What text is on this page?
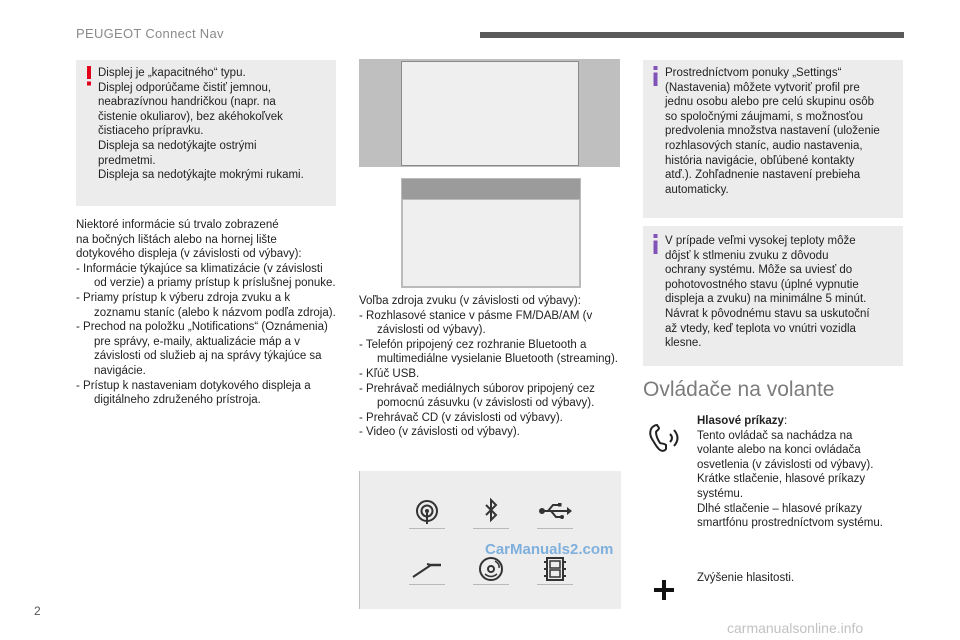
PEUGEOT Connect Nav

Displej je „kapacitného“ typu.

Displej odporúčame čistiť jemnou,

neabrazívnou handričkou (napr. na

čistenie okuliarov), bez akéhokoľvek

čistiaceho prípravku.

Displeja sa nedotýkajte ostrými

predmetmi.

Displeja sa nedotýkajte mokrými rukami.

Niektoré informácie sú trvalo zobrazené

na bočných lištách alebo na hornej lište

dotykového displeja (v závislosti od výbavy):

- Informácie týkajúce sa klimatizácie (v závislosti od verzie) a priamy prístup k príslušnej ponuke.

- Priamy prístup k výberu zdroja zvuku a k zoznamu staníc (alebo k názvom podľa zdroja).

- Prechod na položku „Notifications“ (Oznámenia) pre správy, e-maily, aktualizácie máp a v závislosti od služieb aj na správy týkajúce sa navigácie.

- Prístup k nastaveniam dotykového displeja a digitálneho združeného prístroja.

Voľba zdroja zvuku (v závislosti od výbavy):

- Rozhlasové stanice v pásme FM/DAB/AM (v závislosti od výbavy).

- Telefón pripojený cez rozhranie Bluetooth a multimediálne vysielanie Bluetooth (streaming).

- Kľúč USB.

- Prehrávač mediálnych súborov pripojený cez pomocnú zásuvku (v závislosti od výbavy).

- Prehrávač CD (v závislosti od výbavy).

- Video (v závislosti od výbavy).

CarManuals2.com

Prostredníctvom ponuky „Settings“

(Nastavenia) môžete vytvoriť profil pre

jednu osobu alebo pre celú skupinu osôb

so spoločnými záujmami, s možnosťou

predvolenia množstva nastavení (uloženie

rozhlasových staníc, audio nastavenia,

história navigácie, obľúbené kontakty

atď.). Zohľadnenie nastavení prebieha

automaticky.

V prípade veľmi vysokej teploty môže

dôjsť k stlmeniu zvuku z dôvodu

ochrany systému. Môže sa uviesť do

pohotovostného stavu (úplné vypnutie

displeja a zvuku) na minimálne 5 minút.

Návrat k pôvodnému stavu sa uskutoční

až vtedy, keď teplota vo vnútri vozidla

klesne.

Ovládače na volante

Hlasové príkazy:

Tento ovládač sa nachádza na

volante alebo na konci ovládača

osvetlenia (v závislosti od výbavy).

Krátke stlačenie, hlasové príkazy

systému.

Dlhé stlačenie – hlasové príkazy

smartfónu prostredníctvom systému.

Zvýšenie hlasitosti.
2
carmanualsonline.info
